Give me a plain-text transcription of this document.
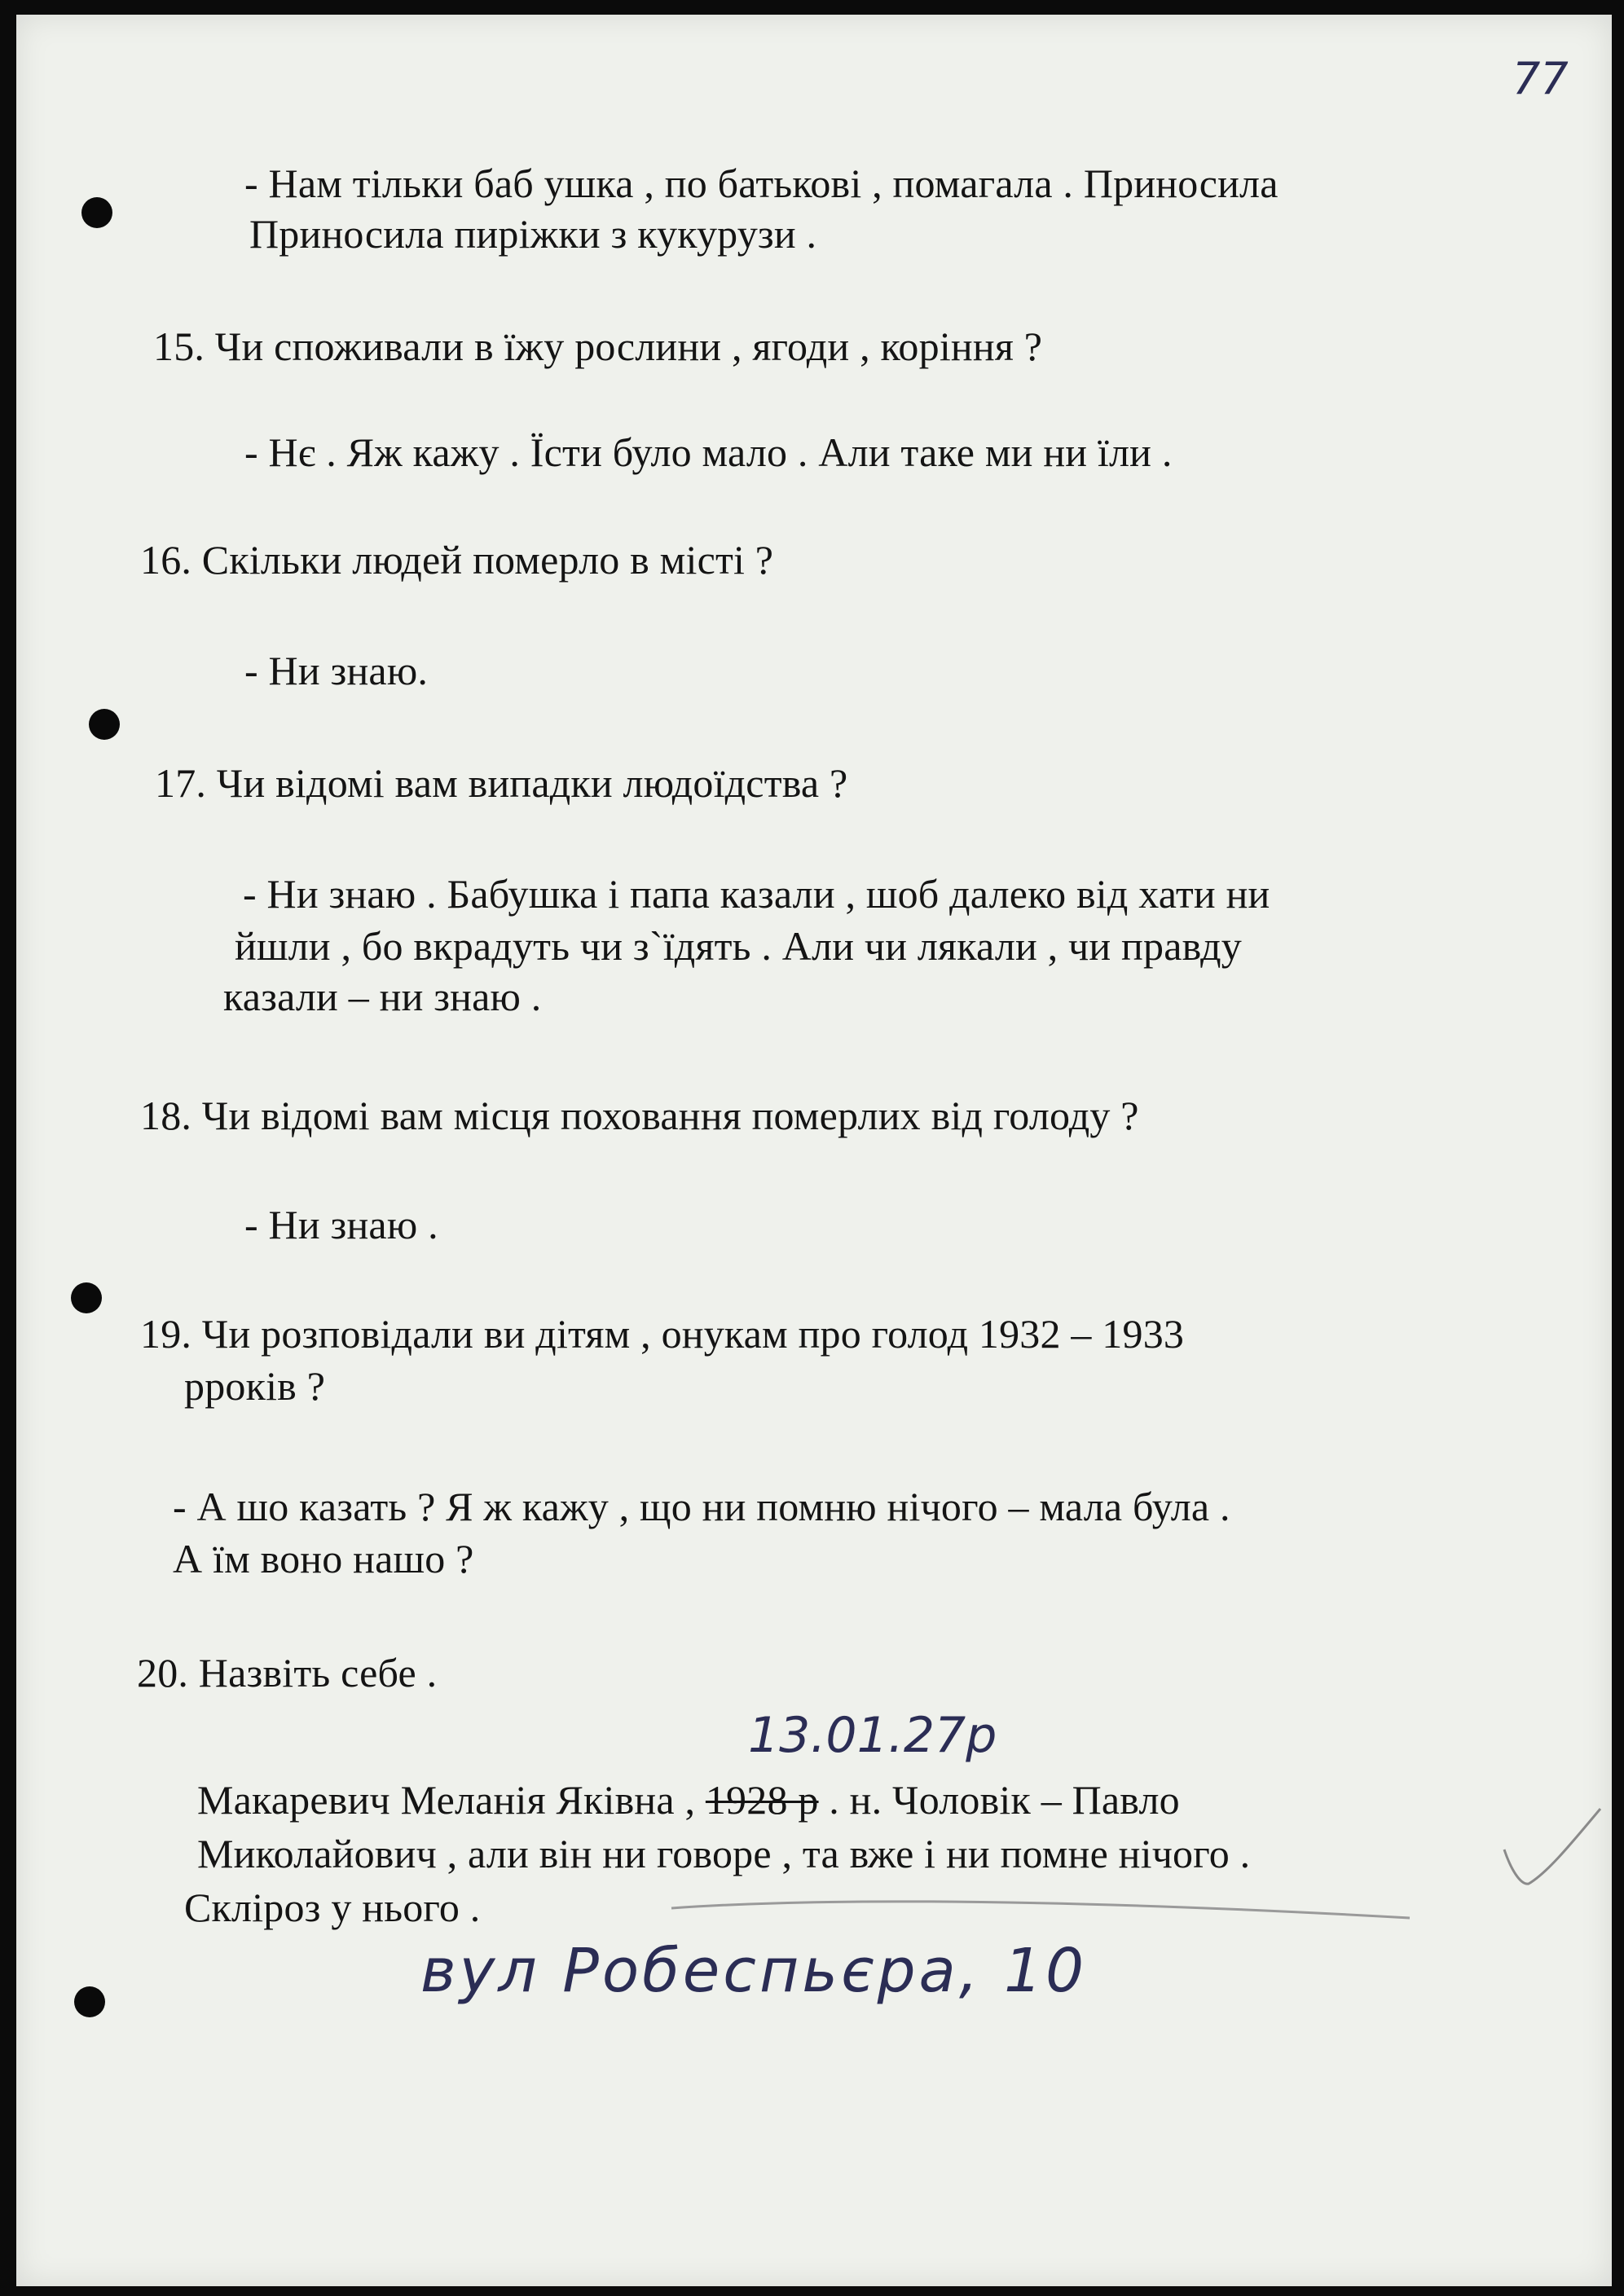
77
- Нам тільки баб ушка , по батькові , помагала . Приносила
Приносила пиріжки з кукурузи .
15. Чи споживали в їжу рослини , ягоди , коріння ?
- Нє . Яж кажу . Їсти було мало . Али таке ми ни їли .
16. Скільки людей померло в місті ?
- Ни знаю.
17. Чи відомі вам випадки людоїдства ?
- Ни знаю . Бабушка і папа казали , шоб далеко від хати ни
йшли , бо вкрадуть чи з`їдять . Али чи лякали , чи правду
казали – ни знаю .
18. Чи відомі вам місця поховання померлих від голоду ?
- Ни знаю .
19. Чи розповідали ви дітям , онукам про голод 1932 – 1933
рроків ?
- А шо казать ? Я ж кажу , що ни помню нічого – мала була .
А їм воно нашо ?
20. Назвіть себе .
13.01.27р
Макаревич Меланія Яківна , 1928 р . н. Чоловік – Павло
Миколайович , али він ни говоре , та вже і ни помне нічого .
Скліроз у нього .
вул Робеспьєра, 10
